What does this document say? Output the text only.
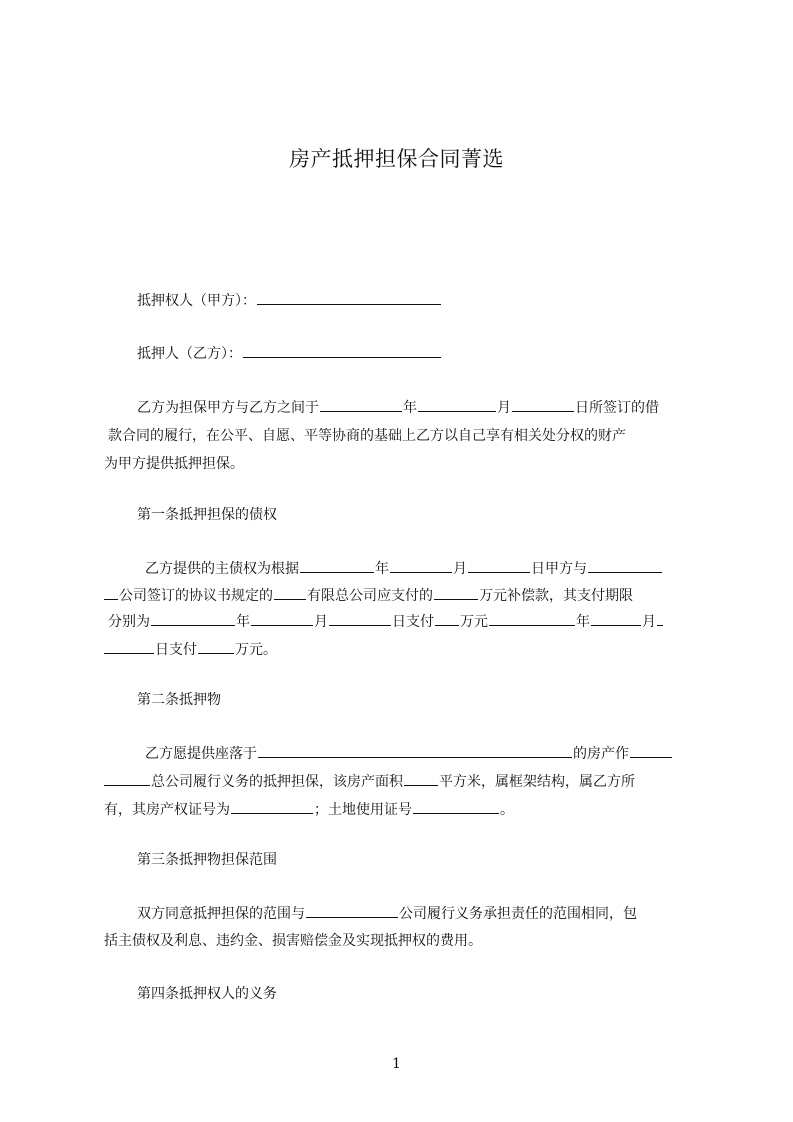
房产抵押担保合同菁选
抵押权人（甲方）：
抵押人（乙方）：
乙方为担保甲方与乙方之间于	年	月	日所签订的借
款合同的履行，在公平、自愿、平等协商的基础上乙方以自己享有相关处分权的财产
为甲方提供抵押担保。
第一条抵押担保的债权
乙方提供的主债权为根据	年	月	日甲方与
公司签订的协议书规定的 有限总公司应支付的	万元补偿款，其支付期限
分别为	年	月	日支付 万元	年	月
日支付	万元。
第二条抵押物
乙方愿提供座落于	的房产作
总公司履行义务的抵押担保，该房产面积	平方米，属框架结构，属乙方所
有，其房产权证号为	；土地使用证号	。
第三条抵押物担保范围
双方同意抵押担保的范围与	公司履行义务承担责任的范围相同，包
括主债权及利息、违约金、损害赔偿金及实现抵押权的费用。
第四条抵押权人的义务
1
